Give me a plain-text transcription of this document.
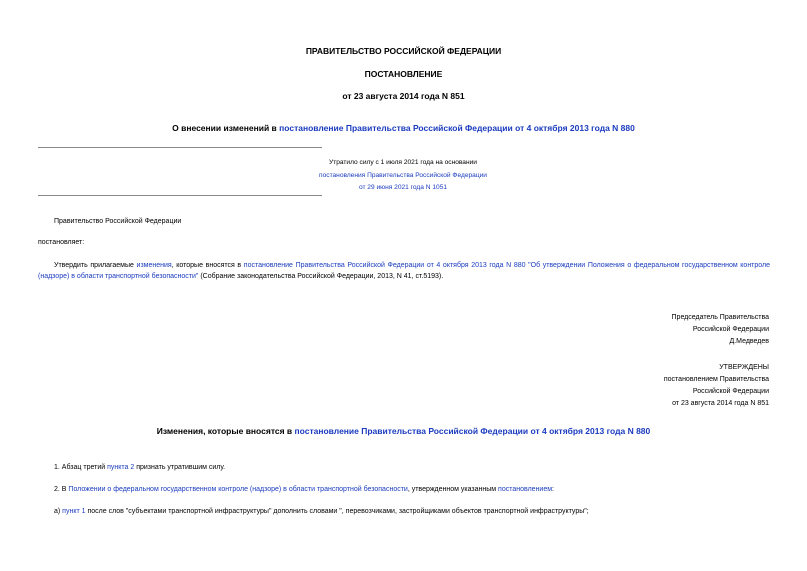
ПРАВИТЕЛЬСТВО РОССИЙСКОЙ ФЕДЕРАЦИИ
ПОСТАНОВЛЕНИЕ
от 23 августа 2014 года N 851
О внесении изменений в постановление Правительства Российской Федерации от 4 октября 2013 года N 880
Утратило силу с 1 июля 2021 года на основании
постановления Правительства Российской Федерации
от 29 июня 2021 года N 1051
Правительство Российской Федерации
постановляет:
Утвердить прилагаемые изменения, которые вносятся в постановление Правительства Российской Федерации от 4 октября 2013 года N 880 "Об утверждении Положения о федеральном государственном контроле (надзоре) в области транспортной безопасности" (Собрание законодательства Российской Федерации, 2013, N 41, ст.5193).
Председатель Правительства
Российской Федерации
Д.Медведев
УТВЕРЖДЕНЫ
постановлением Правительства
Российской Федерации
от 23 августа 2014 года N 851
Изменения, которые вносятся в постановление Правительства Российской Федерации от 4 октября 2013 года N 880
1. Абзац третий пункта 2 признать утратившим силу.
2. В Положении о федеральном государственном контроле (надзоре) в области транспортной безопасности, утвержденном указанным постановлением:
а) пункт 1 после слов "субъектами транспортной инфраструктуры" дополнить словами ", перевозчиками, застройщиками объектов транспортной инфраструктуры";
